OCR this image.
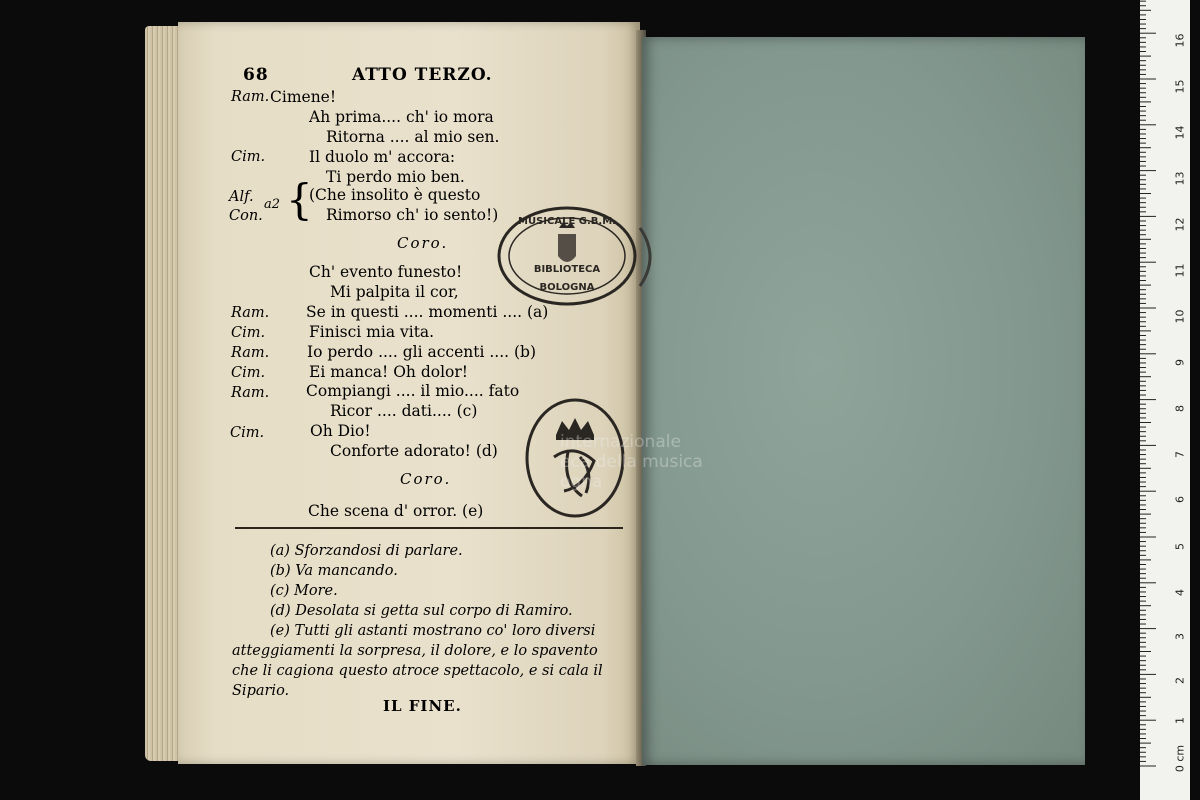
68	ATTO TERZO.
Ram. Cimene!
Ah prima.... ch' io mora
Ritorna .... al mio sen.
Cim.	Il duolo m' accora:
Ti perdo mio ben.
Alf. a2 {
(Che insolito è questo
Con.	Rimorso ch' io sento!)
Coro.
Ch' evento funesto!
Mi palpita il cor,
Ram. Se in questi .... momenti .... (a)
Cim.	Finisci mia vita.
Ram. Io perdo .... gli accenti .... (b)
Cim.	Ei manca! Oh dolor!
Ram. Compiangi .... il mio.... fato
Ricor .... dati.... (c)
Cim.	Oh Dio!
Conforte adorato! (d)
Coro.
Che scena d' orror. (e)
(a) Sforzandosi di parlare.
(b) Va mancando.
(c) More.
(d) Desolata si getta sul corpo di Ramiro.
(e) Tutti gli astanti mostrano co' loro diversi
atteggiamenti la sorpresa, il dolore, e lo spavento
che li cagiona questo atroce spettacolo, e si cala il
Sipario.
IL FINE.
MUSICALE G.B.M.
BIBLIOTECA
BOLOGNA
internazionale
eca della musica
ogna
0 cm
1
2
3
4
5
6
7
8
9
10
11
12
13
14
15
16
